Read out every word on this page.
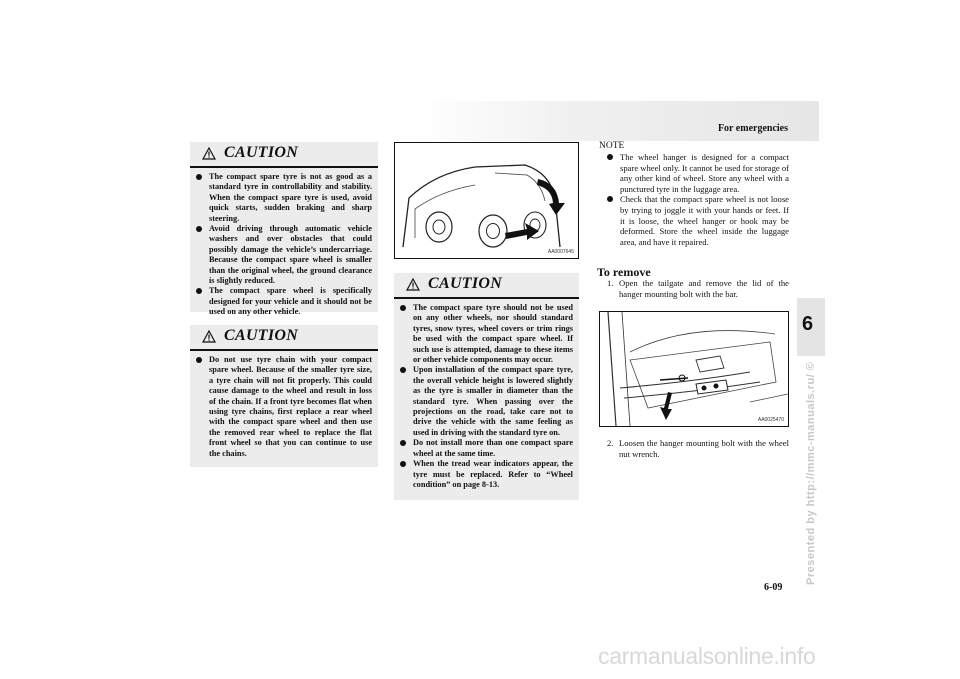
For emergencies
6
Presented by http://mmc-manuals.ru/ ©
6-09
carmanualsonline.info
CAUTION
The compact spare tyre is not as good as a standard tyre in controllability and stability. When the compact spare tyre is used, avoid quick starts, sudden braking and sharp steering.
Avoid driving through automatic vehicle washers and over obstacles that could possibly damage the vehicle’s undercarriage. Because the compact spare wheel is smaller than the original wheel, the ground clearance is slightly reduced.
The compact spare wheel is specifically designed for your vehicle and it should not be used on any other vehicle.
CAUTION
Do not use tyre chain with your compact spare wheel. Because of the smaller tyre size, a tyre chain will not fit properly. This could cause damage to the wheel and result in loss of the chain. If a front tyre becomes flat when using tyre chains, first replace a rear wheel with the compact spare wheel and then use the removed rear wheel to replace the flat front wheel so that you can continue to use the chains.
AA0007645
CAUTION
The compact spare tyre should not be used on any other wheels, nor should standard tyres, snow tyres, wheel covers or trim rings be used with the compact spare wheel. If such use is attempted, damage to these items or other vehicle components may occur.
Upon installation of the compact spare tyre, the overall vehicle height is lowered slightly as the tyre is smaller in diameter than the standard tyre. When passing over the projections on the road, take care not to drive the vehicle with the same feeling as used in driving with the standard tyre on.
Do not install more than one compact spare wheel at the same time.
When the tread wear indicators appear, the tyre must be replaced. Refer to “Wheel condition” on page 8-13.
NOTE
The wheel hanger is designed for a compact spare wheel only. It cannot be used for storage of any other kind of wheel. Store any wheel with a punctured tyre in the luggage area.
Check that the compact spare wheel is not loose by trying to joggle it with your hands or feet. If it is loose, the wheel hanger or hook may be deformed. Store the wheel inside the luggage area, and have it repaired.
To remove
1. Open the tailgate and remove the lid of the hanger mounting bolt with the bar.
AA0025470
2. Loosen the hanger mounting bolt with the wheel nut wrench.
